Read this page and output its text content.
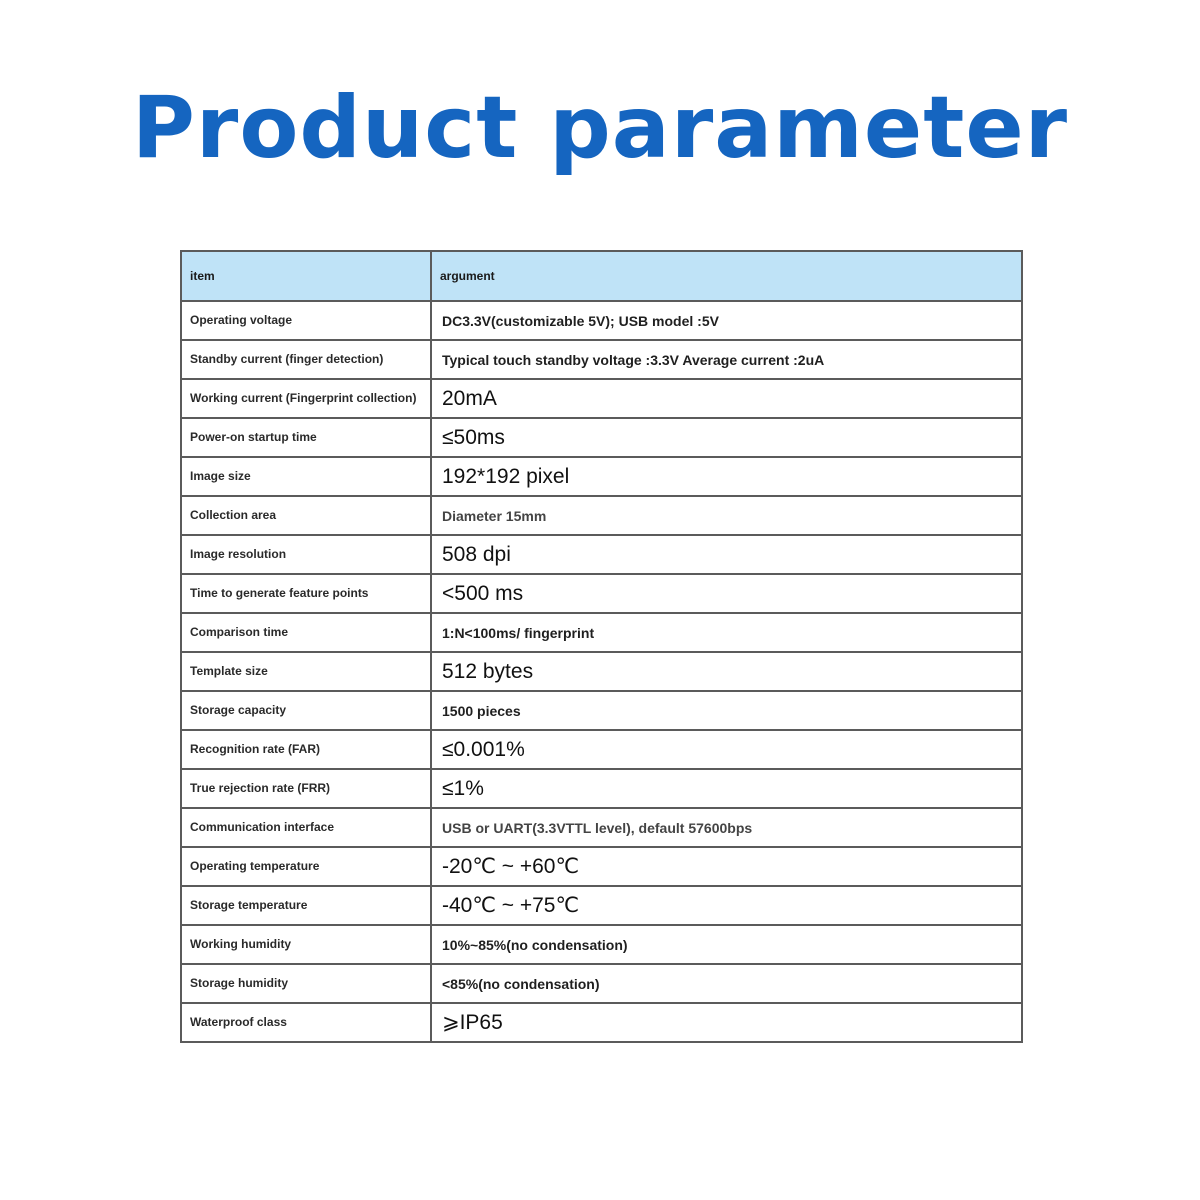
Product parameter
item	argument
Operating voltage	DC3.3V(customizable 5V); USB model :5V
Standby current (finger detection)	Typical touch standby voltage :3.3V Average current :2uA
Working current (Fingerprint collection)	20mA
Power-on startup time	≤50ms
Image size	192*192 pixel
Collection area	Diameter 15mm
Image resolution	508 dpi
Time to generate feature points	<500 ms
Comparison time	1:N<100ms/ fingerprint
Template size	512 bytes
Storage capacity	1500 pieces
Recognition rate (FAR)	≤0.001%
True rejection rate (FRR)	≤1%
Communication interface	USB or UART(3.3VTTL level), default 57600bps
Operating temperature	-20℃ ~ +60℃
Storage temperature	-40℃ ~ +75℃
Working humidity	10%~85%(no condensation)
Storage humidity	<85%(no condensation)
Waterproof class	⩾IP65
